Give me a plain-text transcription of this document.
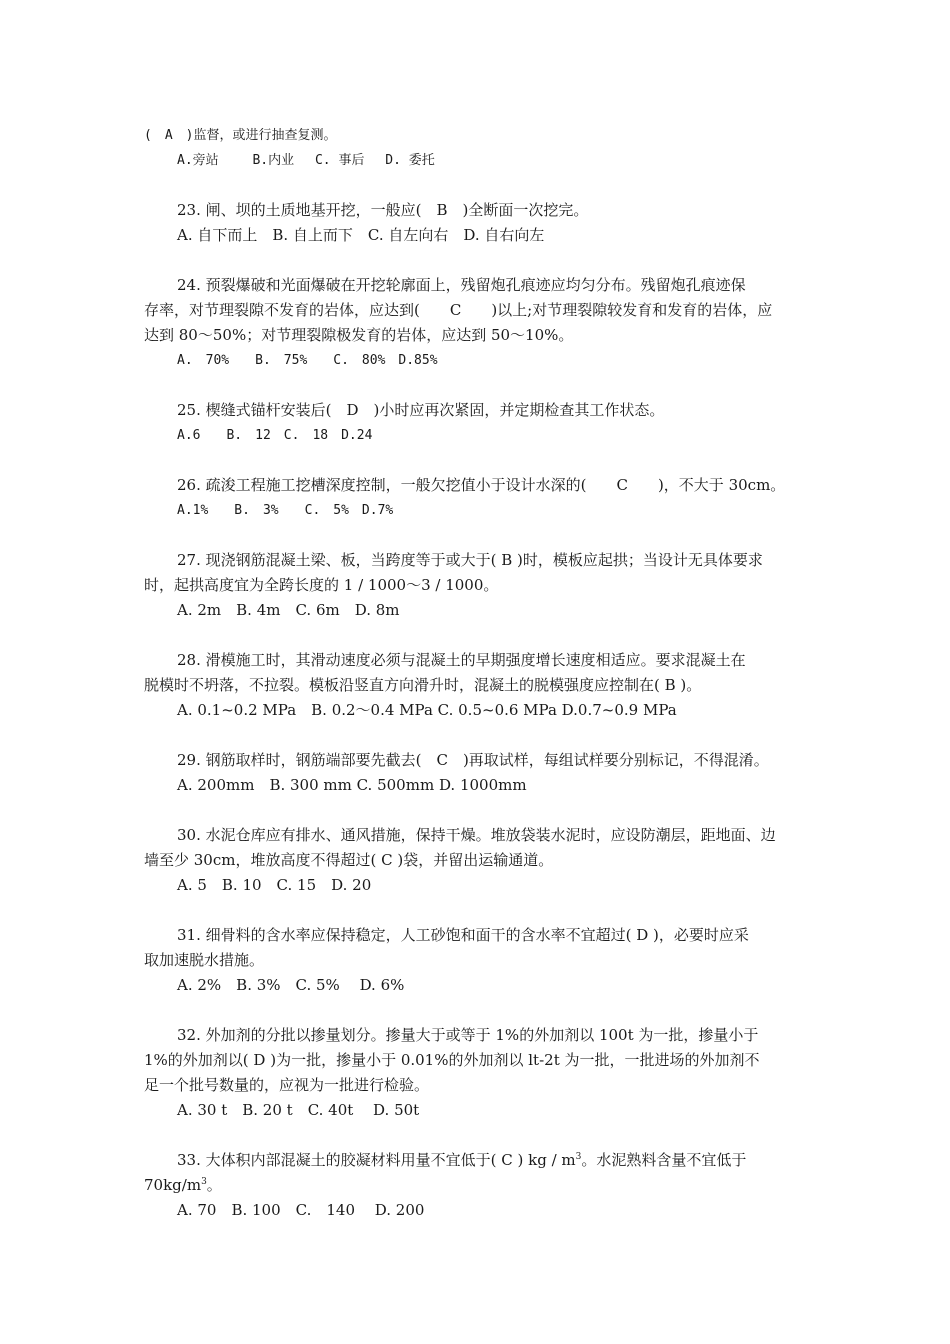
(　A　)监督，或进行抽查复测。
A.旁站　　 B.内业　 C. 事后　 D. 委托
23. 闸、坝的土质地基开挖，一般应(　B　)全断面一次挖完。
A. 自下而上　B. 自上而下　C. 自左向右　D. 自右向左
24. 预裂爆破和光面爆破在开挖轮廓面上，残留炮孔痕迹应均匀分布。残留炮孔痕迹保
存率，对节理裂隙不发育的岩体，应达到(　　C　　)以上;对节理裂隙较发育和发育的岩体，应
达到 80～50%；对节理裂隙极发育的岩体，应达到 50～10%。
A.　70%　　B.　75%　　C.　80%　D.85%
25. 楔缝式锚杆安装后(　D　)小时应再次紧固，并定期检查其工作状态。
A.6　　B.　12　C.　18　D.24
26. 疏浚工程施工挖槽深度控制，一般欠挖值小于设计水深的(　　C　　)，不大于 30cm。
A.1%　　B.　3%　　C.　5%　D.7%
27. 现浇钢筋混凝土梁、板，当跨度等于或大于( B )时，模板应起拱；当设计无具体要求
时，起拱高度宜为全跨长度的 1 / 1000～3 / 1000。
A. 2m　B. 4m　C. 6m　D. 8m
28. 滑模施工时，其滑动速度必须与混凝土的早期强度增长速度相适应。要求混凝土在
脱模时不坍落，不拉裂。模板沿竖直方向滑升时，混凝土的脱模强度应控制在( B )。
A. 0.1~0.2 MPa　B. 0.2～0.4 MPa C. 0.5~0.6 MPa D.0.7~0.9 MPa
29. 钢筋取样时，钢筋端部要先截去(　C　)再取试样，每组试样要分别标记，不得混淆。
A. 200mm　B. 300 mm C. 500mm D. 1000mm
30. 水泥仓库应有排水、通风措施，保持干燥。堆放袋装水泥时，应设防潮层，距地面、边
墙至少 30cm，堆放高度不得超过( C )袋，并留出运输通道。
A. 5　B. 10　C. 15　D. 20
31. 细骨料的含水率应保持稳定，人工砂饱和面干的含水率不宜超过( D )，必要时应采
取加速脱水措施。
A. 2%　B. 3%　C. 5%　 D. 6%
32. 外加剂的分批以掺量划分。掺量大于或等于 1%的外加剂以 100t 为一批，掺量小于
1%的外加剂以( D )为一批，掺量小于 0.01%的外加剂以 lt-2t 为一批，一批进场的外加剂不
足一个批号数量的，应视为一批进行检验。
A. 30 t　B. 20 t　C. 40t　 D. 50t
33. 大体积内部混凝土的胶凝材料用量不宜低于( C ) kg / $m^3$。水泥熟料含量不宜低于
$70kg/m^3$。
A. 70　B. 100　C.　140　 D. 200
